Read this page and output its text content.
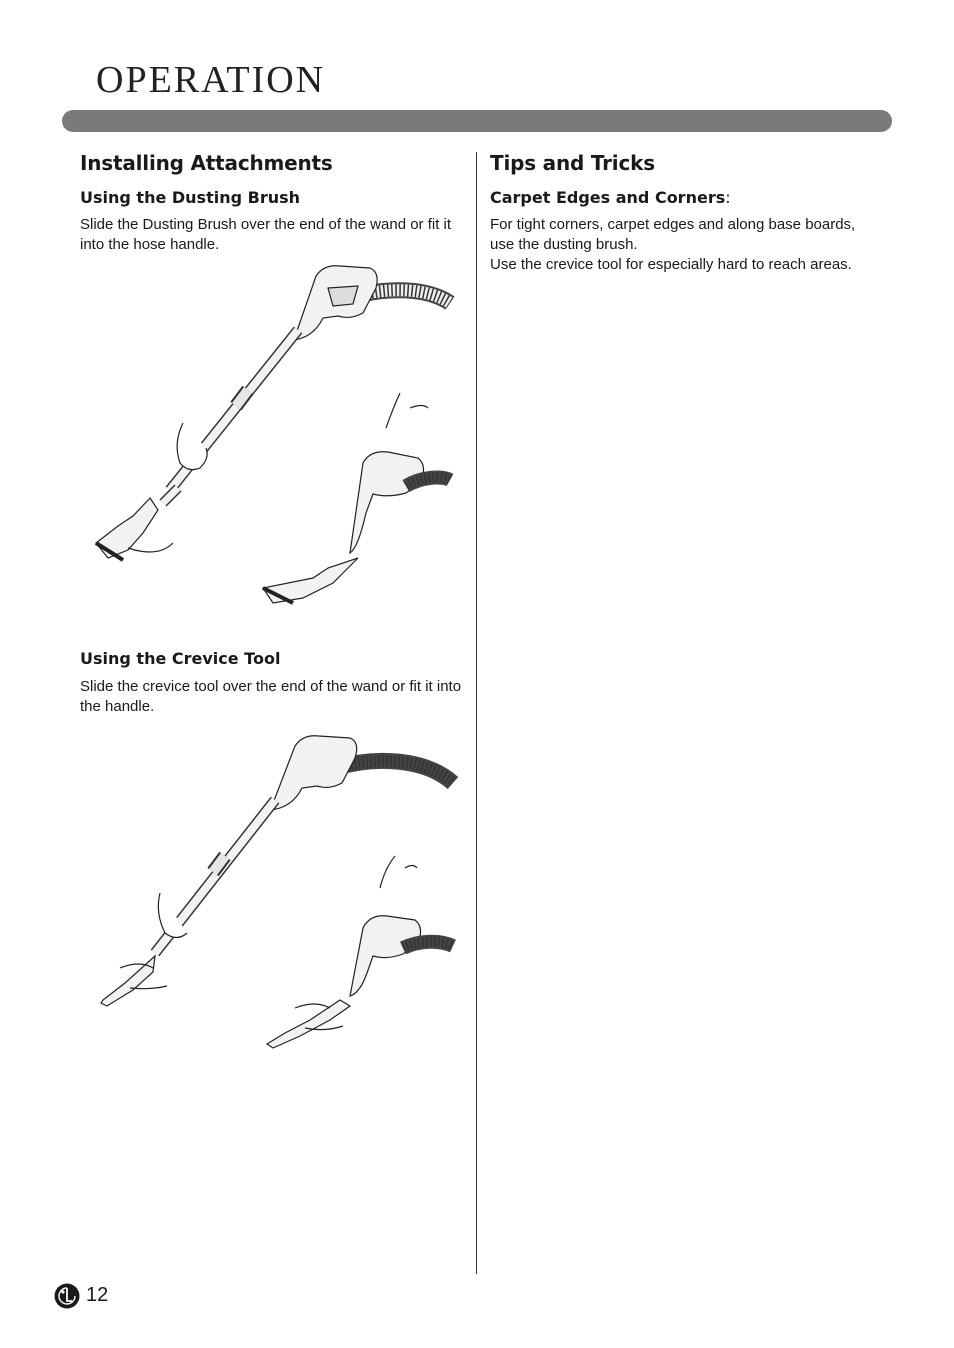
OPERATION
Installing Attachments
Using the Dusting Brush

Slide the Dusting Brush over the end of the wand or fit it into the hose handle.

Using the Crevice Tool

Slide the crevice tool over the end of the wand or fit it into the handle.

Tips and Tricks
Carpet Edges and Corners:

For tight corners, carpet edges and along base boards, use the dusting brush.

Use the crevice tool for especially hard to reach areas.

12
